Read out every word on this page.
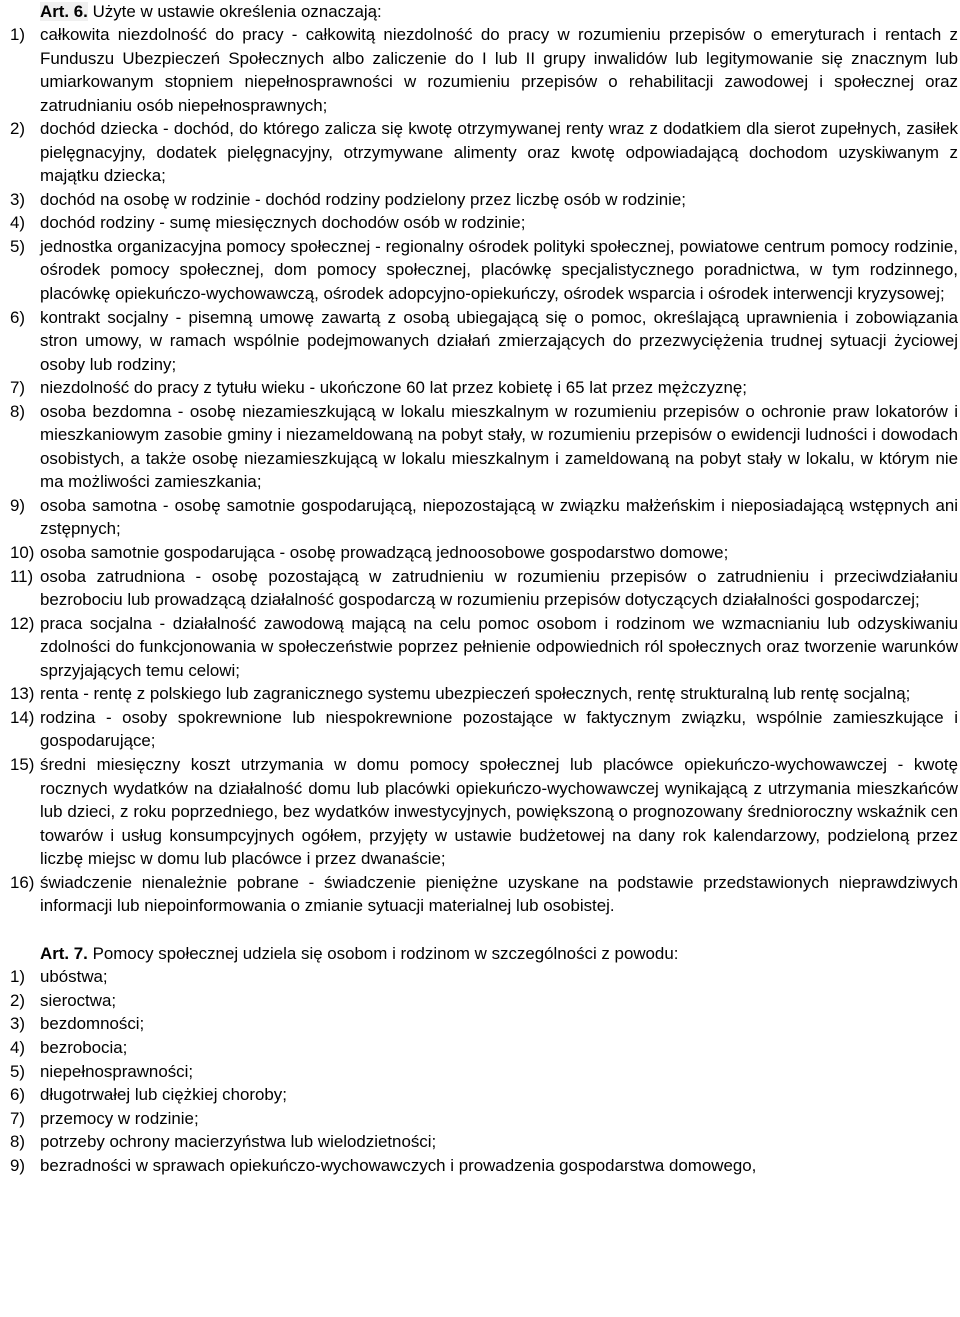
Art. 6. Użyte w ustawie określenia oznaczają:
1) całkowita niezdolność do pracy - całkowitą niezdolność do pracy w rozumieniu przepisów o emeryturach i rentach z Funduszu Ubezpieczeń Społecznych albo zaliczenie do I lub II grupy inwalidów lub legitymowanie się znacznym lub umiarkowanym stopniem niepełnosprawności w rozumieniu przepisów o rehabilitacji zawodowej i społecznej oraz zatrudnianiu osób niepełnosprawnych;
2) dochód dziecka - dochód, do którego zalicza się kwotę otrzymywanej renty wraz z dodatkiem dla sierot zupełnych, zasiłek pielęgnacyjny, dodatek pielęgnacyjny, otrzymywane alimenty oraz kwotę odpowiadającą dochodom uzyskiwanym z majątku dziecka;
3) dochód na osobę w rodzinie - dochód rodziny podzielony przez liczbę osób w rodzinie;
4) dochód rodziny - sumę miesięcznych dochodów osób w rodzinie;
5) jednostka organizacyjna pomocy społecznej - regionalny ośrodek polityki społecznej, powiatowe centrum pomocy rodzinie, ośrodek pomocy społecznej, dom pomocy społecznej, placówkę specjalistycznego poradnictwa, w tym rodzinnego, placówkę opiekuńczo-wychowawczą, ośrodek adopcyjno-opiekuńczy, ośrodek wsparcia i ośrodek interwencji kryzysowej;
6) kontrakt socjalny - pisemną umowę zawartą z osobą ubiegającą się o pomoc, określającą uprawnienia i zobowiązania stron umowy, w ramach wspólnie podejmowanych działań zmierzających do przezwyciężenia trudnej sytuacji życiowej osoby lub rodziny;
7) niezdolność do pracy z tytułu wieku - ukończone 60 lat przez kobietę i 65 lat przez mężczyznę;
8) osoba bezdomna - osobę niezamieszkującą w lokalu mieszkalnym w rozumieniu przepisów o ochronie praw lokatorów i mieszkaniowym zasobie gminy i niezameldowaną na pobyt stały, w rozumieniu przepisów o ewidencji ludności i dowodach osobistych, a także osobę niezamieszkującą w lokalu mieszkalnym i zameldowaną na pobyt stały w lokalu, w którym nie ma możliwości zamieszkania;
9) osoba samotna - osobę samotnie gospodarującą, niepozostającą w związku małżeńskim i nieposiadającą wstępnych ani zstępnych;
10) osoba samotnie gospodarująca - osobę prowadzącą jednoosobowe gospodarstwo domowe;
11) osoba zatrudniona - osobę pozostającą w zatrudnieniu w rozumieniu przepisów o zatrudnieniu i przeciwdziałaniu bezrobociu lub prowadzącą działalność gospodarczą w rozumieniu przepisów dotyczących działalności gospodarczej;
12) praca socjalna - działalność zawodową mającą na celu pomoc osobom i rodzinom we wzmacnianiu lub odzyskiwaniu zdolności do funkcjonowania w społeczeństwie poprzez pełnienie odpowiednich ról społecznych oraz tworzenie warunków sprzyjających temu celowi;
13) renta - rentę z polskiego lub zagranicznego systemu ubezpieczeń społecznych, rentę strukturalną lub rentę socjalną;
14) rodzina - osoby spokrewnione lub niespokrewnione pozostające w faktycznym związku, wspólnie zamieszkujące i gospodarujące;
15) średni miesięczny koszt utrzymania w domu pomocy społecznej lub placówce opiekuńczo-wychowawczej - kwotę rocznych wydatków na działalność domu lub placówki opiekuńczo-wychowawczej wynikającą z utrzymania mieszkańców lub dzieci, z roku poprzedniego, bez wydatków inwestycyjnych, powiększoną o prognozowany średnioroczny wskaźnik cen towarów i usług konsumpcyjnych ogółem, przyjęty w ustawie budżetowej na dany rok kalendarzowy, podzieloną przez liczbę miejsc w domu lub placówce i przez dwanaście;
16) świadczenie nienależnie pobrane - świadczenie pieniężne uzyskane na podstawie przedstawionych nieprawdziwych informacji lub niepoinformowania o zmianie sytuacji materialnej lub osobistej.
Art. 7. Pomocy społecznej udziela się osobom i rodzinom w szczególności z powodu:
1) ubóstwa;
2) sieroctwa;
3) bezdomności;
4) bezrobocia;
5) niepełnosprawności;
6) długotrwałej lub ciężkiej choroby;
7) przemocy w rodzinie;
8) potrzeby ochrony macierzyństwa lub wielodzietności;
9) bezradności w sprawach opiekuńczo-wychowawczych i prowadzenia gospodarstwa domowego,
